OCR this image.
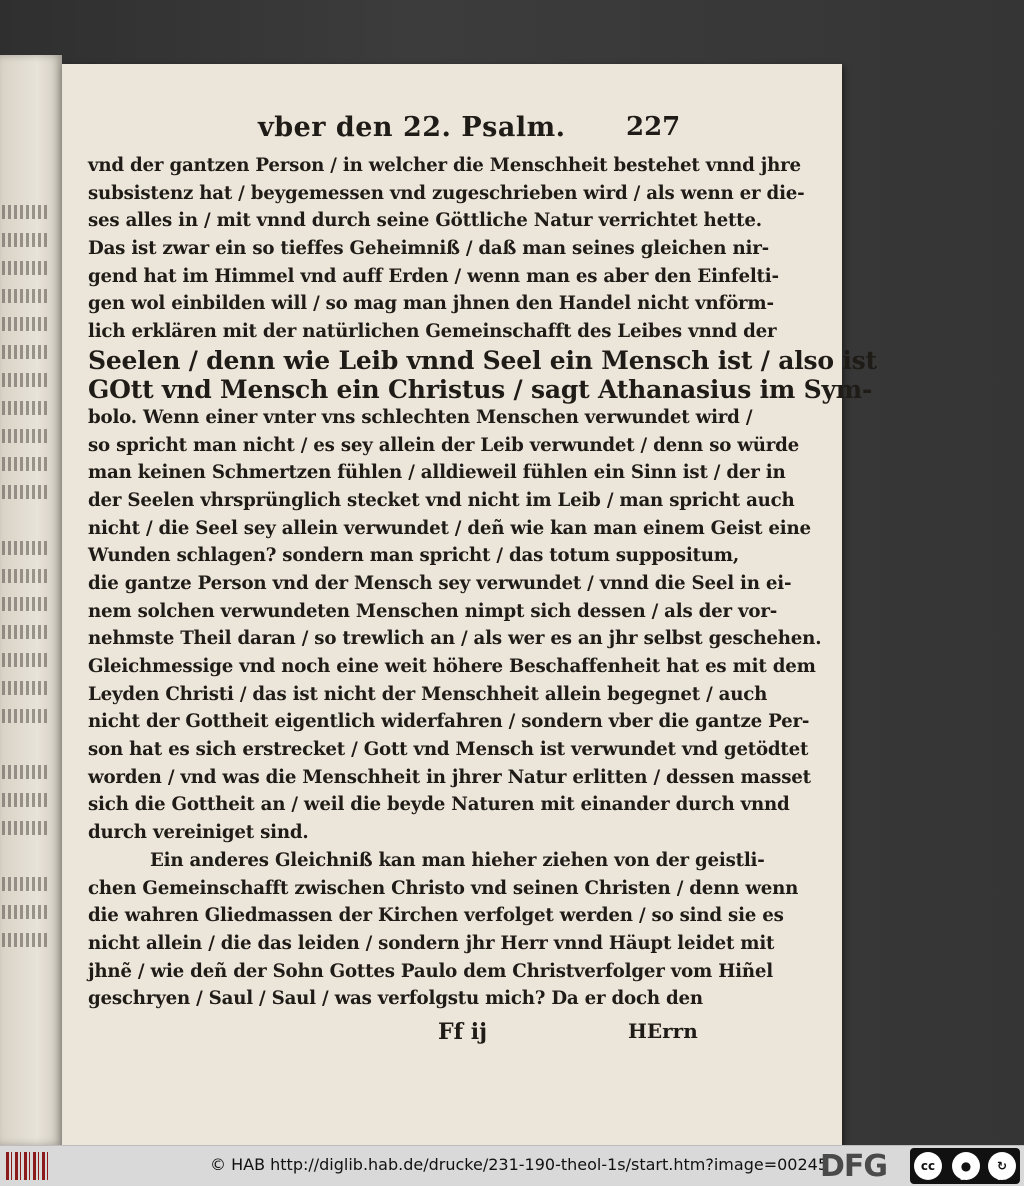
vber den 22. Psalm. 227
vnd der gantzen Person / in welcher die Menschheit bestehet vnnd jhre
subsistenz hat / beygemessen vnd zugeschrieben wird / als wenn er die-
ses alles in / mit vnnd durch seine Göttliche Natur verrichtet hette.
Das ist zwar ein so tieffes Geheimniß / daß man seines gleichen nir-
gend hat im Himmel vnd auff Erden / wenn man es aber den Einfelti-
gen wol einbilden will / so mag man jhnen den Handel nicht vnförm-
lich erklären mit der natürlichen Gemeinschafft des Leibes vnnd der
Seelen / denn wie Leib vnnd Seel ein Mensch ist / also ist
GOtt vnd Mensch ein Christus / sagt Athanasius im Sym-
bolo. Wenn einer vnter vns schlechten Menschen verwundet wird /
so spricht man nicht / es sey allein der Leib verwundet / denn so würde
man keinen Schmertzen fühlen / alldieweil fühlen ein Sinn ist / der in
der Seelen vhrsprünglich stecket vnd nicht im Leib / man spricht auch
nicht / die Seel sey allein verwundet / deñ wie kan man einem Geist eine
Wunden schlagen? sondern man spricht / das totum suppositum,
die gantze Person vnd der Mensch sey verwundet / vnnd die Seel in ei-
nem solchen verwundeten Menschen nimpt sich dessen / als der vor-
nehmste Theil daran / so trewlich an / als wer es an jhr selbst geschehen.
Gleichmessige vnd noch eine weit höhere Beschaffenheit hat es mit dem
Leyden Christi / das ist nicht der Menschheit allein begegnet / auch
nicht der Gottheit eigentlich widerfahren / sondern vber die gantze Per-
son hat es sich erstrecket / Gott vnd Mensch ist verwundet vnd getödtet
worden / vnd was die Menschheit in jhrer Natur erlitten / dessen masset
sich die Gottheit an / weil die beyde Naturen mit einander durch vnnd
durch vereiniget sind.
Ein anderes Gleichniß kan man hieher ziehen von der geistli-
chen Gemeinschafft zwischen Christo vnd seinen Christen / denn wenn
die wahren Gliedmassen der Kirchen verfolget werden / so sind sie es
nicht allein / die das leiden / sondern jhr Herr vnnd Häupt leidet mit
jhnẽ / wie deñ der Sohn Gottes Paulo dem Christverfolger vom Hiñel
geschryen / Saul / Saul / was verfolgstu mich? Da er doch den
Ff ij	HErrn
© HAB http://diglib.hab.de/drucke/231-190-theol-1s/start.htm?image=00245
DFG	cc	●	↻
BY	SA
